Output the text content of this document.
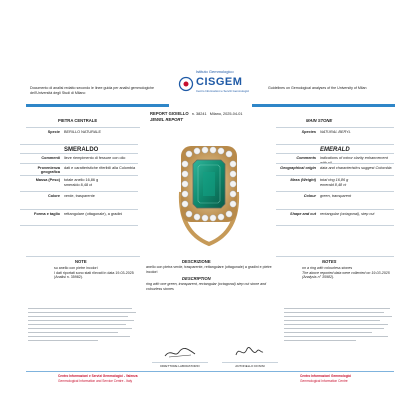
Documento di analisi redatto secondo le linee guida per analisi gemmologiche dell'Università degli Studi di Milano
Guidelines on Gemological analyses of the University of Milan
Istituto Gemmologico
CISGEM
Centro Informazioni e Servizi Gemmologici
REPORT GIOIELLO n. 38241 Milano, 2025-04-01
JEWEL REPORT
PIETRA CENTRALE	MAIN STONE
Specie BERILLO NATURALE
SMERALDO
Commenti lieve riempimento di fessure con olio
Provenienza geografica
dati e caratteristiche riferibili alla Colombia
Massa (Peso) totale anello 16,86 g
smeraldo 8,48 ct
Colore verde, trasparente
Forma e taglio rettangolare (ottagonale), a gradini
Species NATURAL BERYL
EMERALD
Comments indications of minor clarity enhancement
Geographical origin data and characteristics suggest Colombia
Mass (Weight) total ring 16,86 g
emerald 8,48 ct
Colour green, transparent
Shape and cut rectangular (octagonal), step cut
DESCRIZIONE
anello con pietra verde, trasparente, rettangolare (ottagonale) a gradini e pietre incolori
DESCRIPTION
ring with one green, transparent, rectangular (octagonal) step cut stone and colourless stones
NOTE
su anello con pietre incolori
I dati riportati sono stati rilevati in data 19-03-2025 (Analisi n. 35982).
NOTES
on a ring with colourless stones
The above reported data were collected on 19-03-2025 (Analysis n° 35982).
DIRETTORE LABORATORIO	ANTONELLO DONINI
Centro Informazioni e Servizi Gemmologici - Valenza
Gemmological Information and Service Centre - Italy
Centro Informazioni Gemmologici
Gemmological Information Centre
